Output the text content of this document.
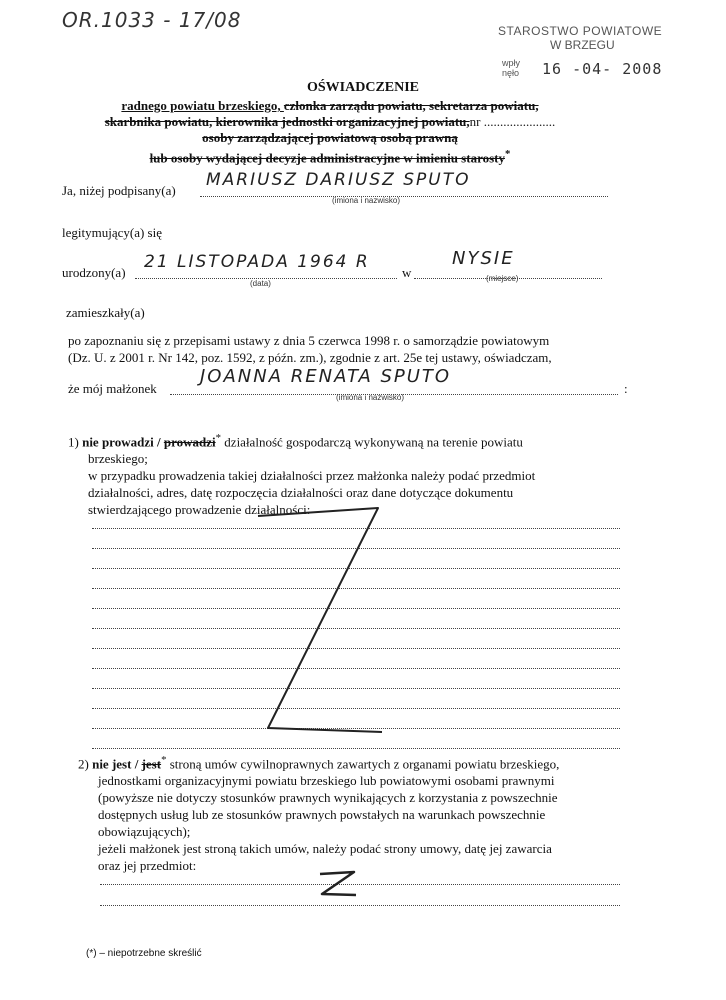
OR.1033 - 17/08	STAROSTWO POWIATOWE
W BRZEGU
wpły
nęło 16 -04- 2008
OŚWIADCZENIE
radnego powiatu brzeskiego, członka zarządu powiatu, sekretarza powiatu,
skarbnika powiatu, kierownika jednostki organizacyjnej powiatu,nr ......................
osoby zarządzającej powiatową osobą prawną
lub osoby wydającej decyzje administracyjne w imieniu starosty*
Ja, niżej podpisany(a)
MARIUSZ DARIUSZ SPUTO
(imiona i nazwisko)
legitymujący(a) się
urodzony(a)
21 LISTOPADA 1964 R
(data)
w
NYSIE
(miejsce)
zamieszkały(a)
po zapoznaniu się z przepisami ustawy z dnia 5 czerwca 1998 r. o samorządzie powiatowym
(Dz. U. z 2001 r. Nr 142, poz. 1592, z późn. zm.), zgodnie z art. 25e tej ustawy, oświadczam,
że mój małżonek	:
JOANNA RENATA SPUTO
(imiona i nazwisko)
1) nie prowadzi / prowadzi* działalność gospodarczą wykonywaną na terenie powiatu
brzeskiego;
w przypadku prowadzenia takiej działalności przez małżonka należy podać przedmiot
działalności, adres, datę rozpoczęcia działalności oraz dane dotyczące dokumentu
stwierdzającego prowadzenie działalności:
2) nie jest / jest* stroną umów cywilnoprawnych zawartych z organami powiatu brzeskiego,
jednostkami organizacyjnymi powiatu brzeskiego lub powiatowymi osobami prawnymi
(powyższe nie dotyczy stosunków prawnych wynikających z korzystania z powszechnie
dostępnych usług lub ze stosunków prawnych powstałych na warunkach powszechnie
obowiązujących);
jeżeli małżonek jest stroną takich umów, należy podać strony umowy, datę jej zawarcia
oraz jej przedmiot:
(*) – niepotrzebne skreślić
